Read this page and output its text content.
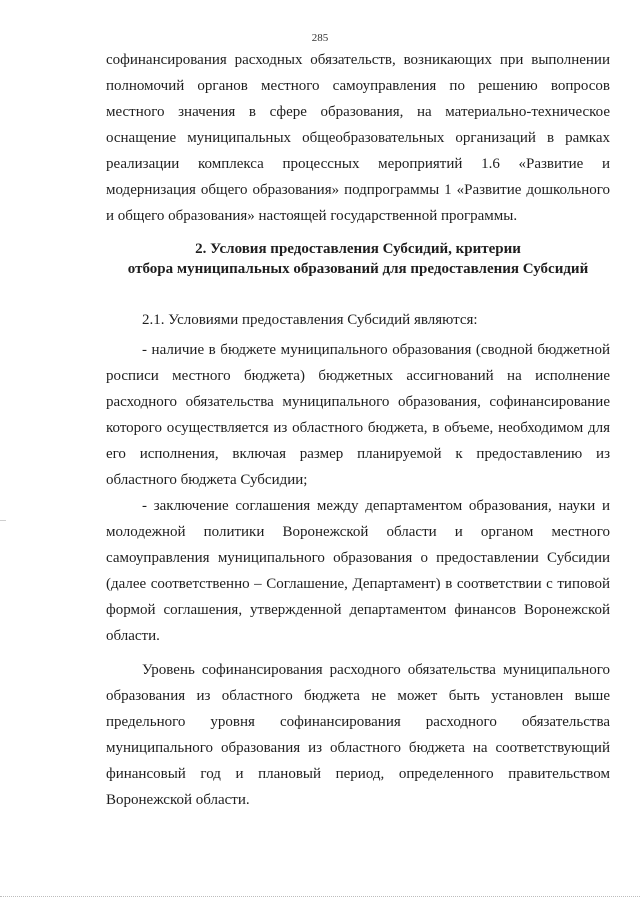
285

софинансирования расходных обязательств, возникающих при выполнении полномочий органов местного самоуправления по решению вопросов местного значения в сфере образования, на материально-техническое оснащение муниципальных общеобразовательных организаций в рамках реализации комплекса процессных мероприятий 1.6 «Развитие и модернизация общего образования» подпрограммы 1 «Развитие дошкольного и общего образования» настоящей государственной программы.

2. Условия предоставления Субсидий, критерии
отбора муниципальных образований для предоставления Субсидий

2.1. Условиями предоставления Субсидий являются:

- наличие в бюджете муниципального образования (сводной бюджетной росписи местного бюджета) бюджетных ассигнований на исполнение расходного обязательства муниципального образования, софинансирование которого осуществляется из областного бюджета, в объеме, необходимом для его исполнения, включая размер планируемой к предоставлению из областного бюджета Субсидии;

- заключение соглашения между департаментом образования, науки и молодежной политики Воронежской области и органом местного самоуправления муниципального образования о предоставлении Субсидии (далее соответственно – Соглашение, Департамент) в соответствии с типовой формой соглашения, утвержденной департаментом финансов Воронежской области.

Уровень софинансирования расходного обязательства муниципального образования из областного бюджета не может быть установлен выше предельного уровня софинансирования расходного обязательства муниципального образования из областного бюджета на соответствующий финансовый год и плановый период, определенного правительством Воронежской области.
